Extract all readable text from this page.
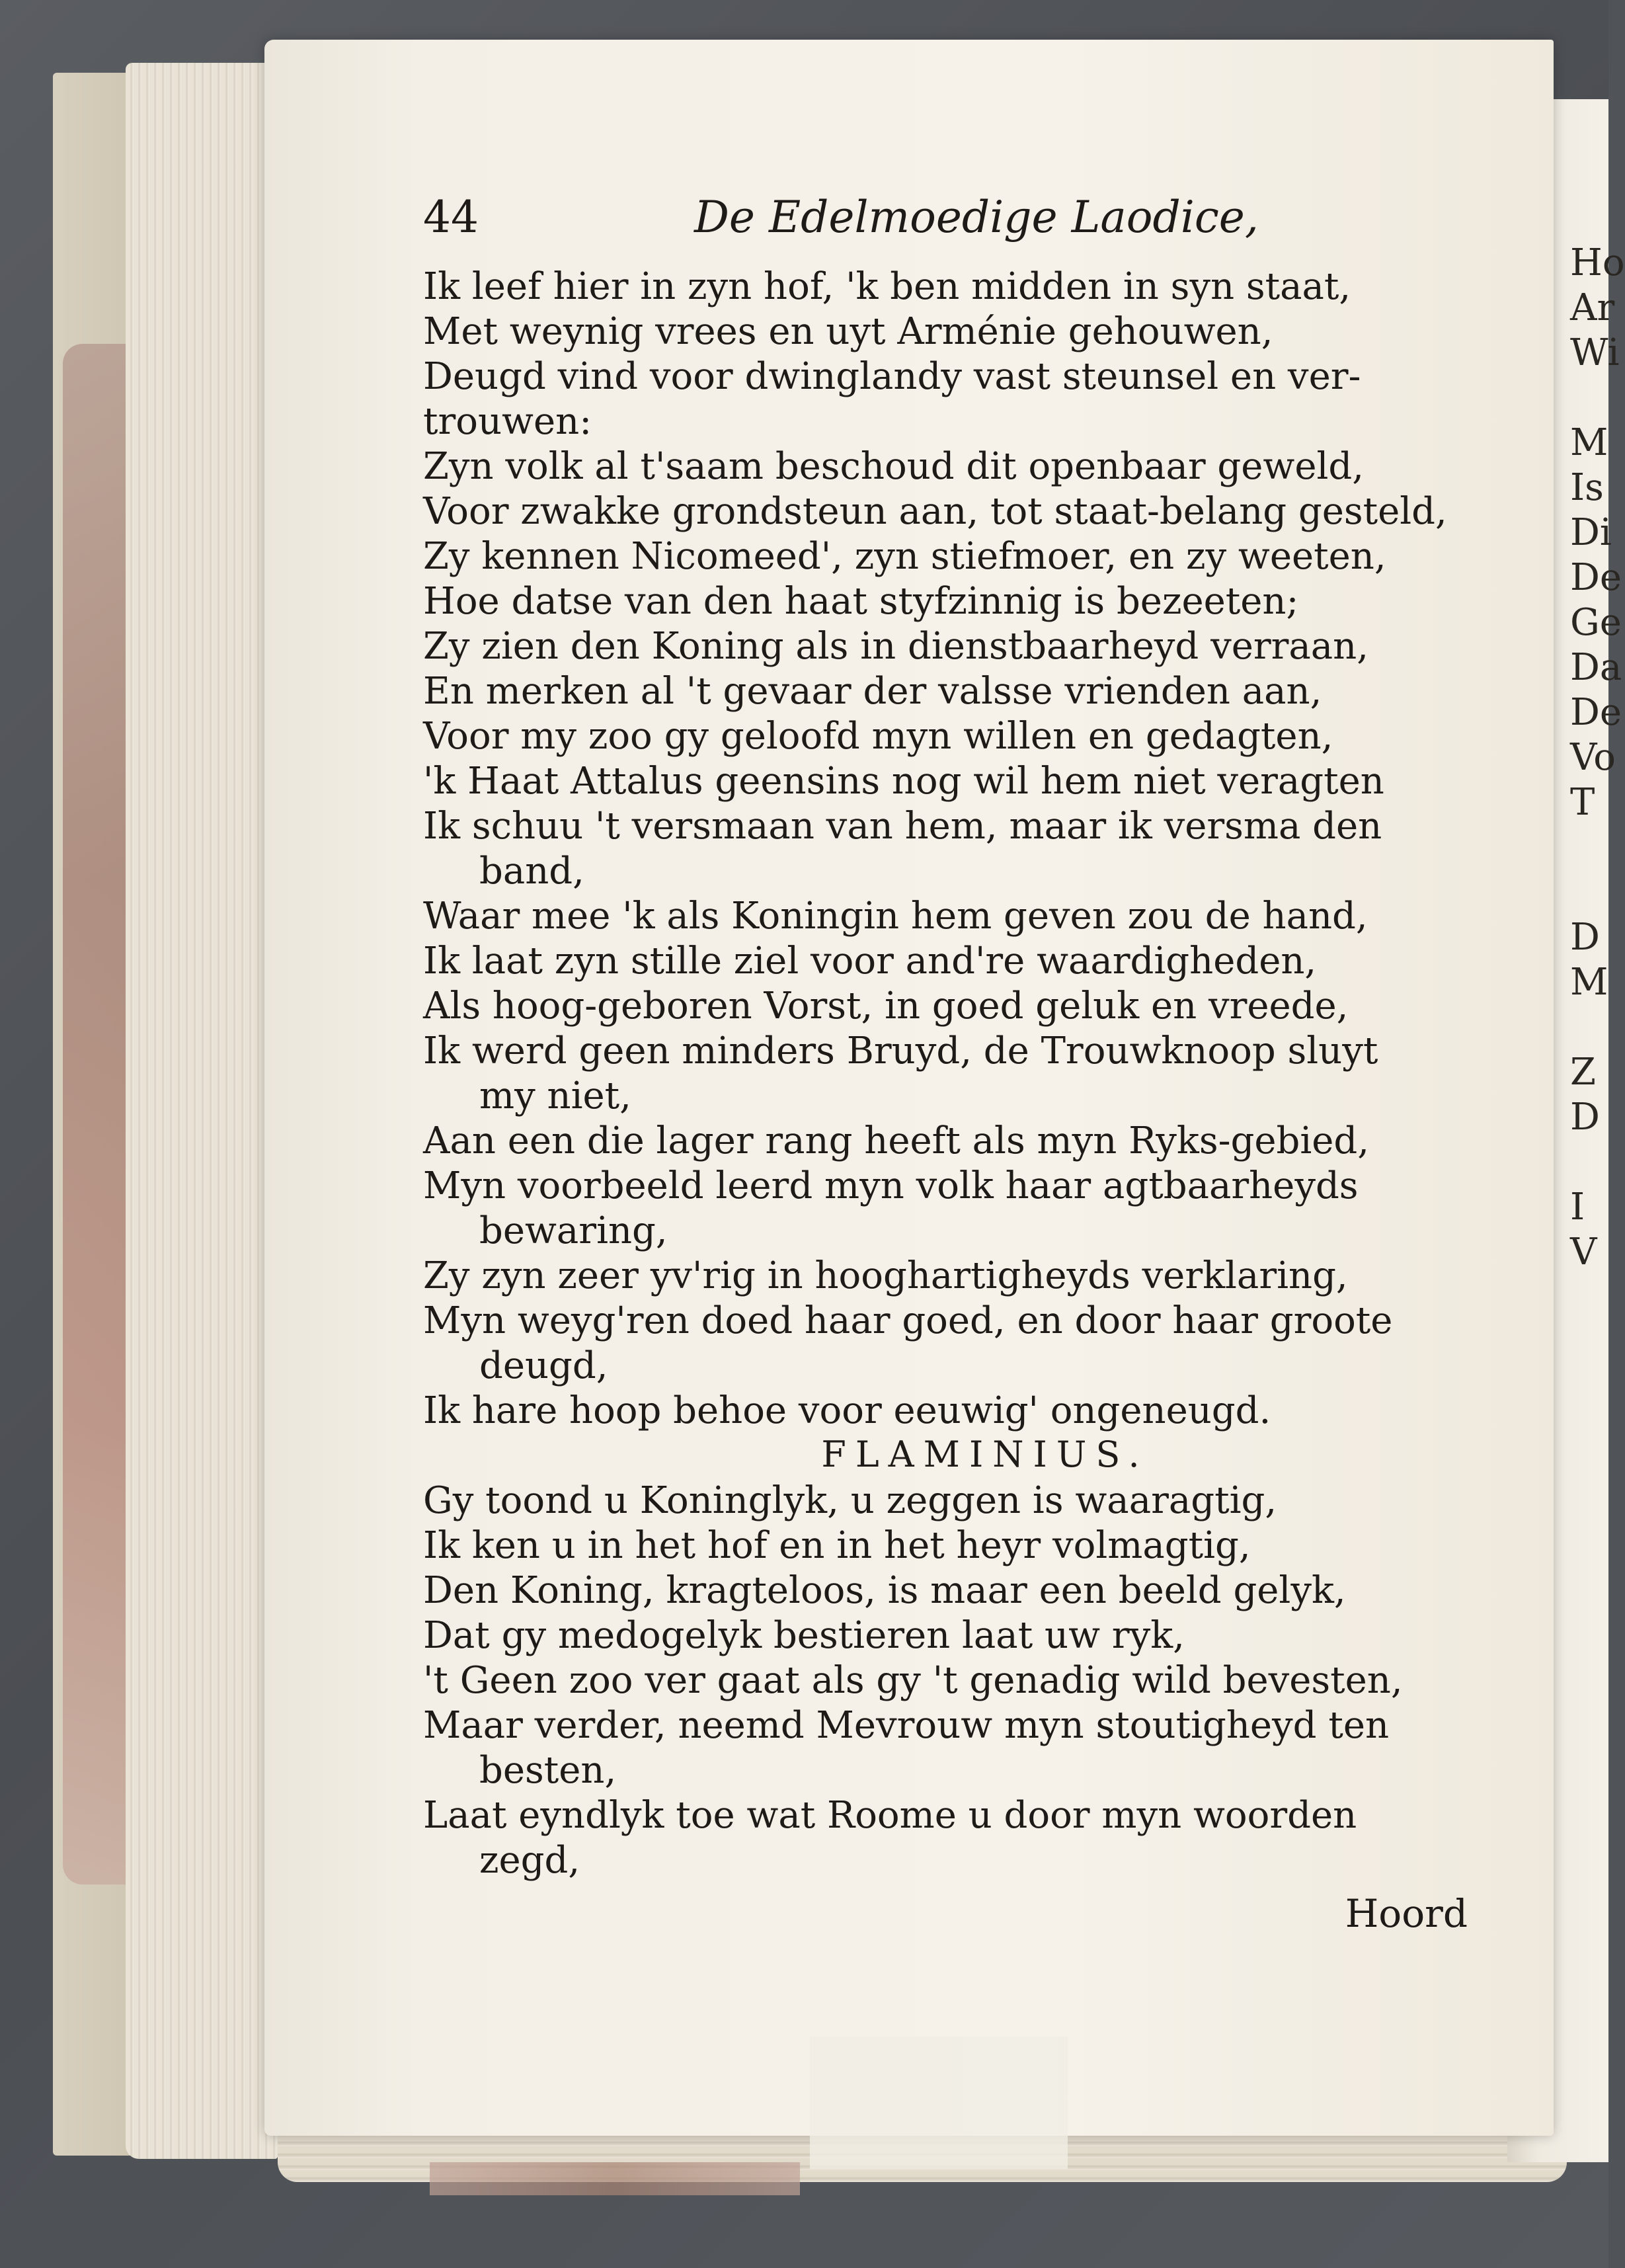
Ho
Ar
Wi
M
Is
Di
De
Ge
Da
De
Vo
T
D
M
Z
D
I
V
44	De Edelmoedige Laodice,
Ik leef hier in zyn hof, 'k ben midden in syn staat,
Met weynig vrees en uyt Arménie gehouwen,
Deugd vind voor dwinglandy vast steunsel en ver-
trouwen:
Zyn volk al t'saam beschoud dit openbaar geweld,
Voor zwakke grondsteun aan, tot staat-belang gesteld,
Zy kennen Nicomeed', zyn stiefmoer, en zy weeten,
Hoe datse van den haat styfzinnig is bezeeten;
Zy zien den Koning als in dienstbaarheyd verraan,
En merken al 't gevaar der valsse vrienden aan,
Voor my zoo gy geloofd myn willen en gedagten,
'k Haat Attalus geensins nog wil hem niet veragten
Ik schuu 't versmaan van hem, maar ik versma den
band,
Waar mee 'k als Koningin hem geven zou de hand,
Ik laat zyn stille ziel voor and're waardigheden,
Als hoog-geboren Vorst, in goed geluk en vreede,
Ik werd geen minders Bruyd, de Trouwknoop sluyt
my niet,
Aan een die lager rang heeft als myn Ryks-gebied,
Myn voorbeeld leerd myn volk haar agtbaarheyds
bewaring,
Zy zyn zeer yv'rig in hooghartigheyds verklaring,
Myn weyg'ren doed haar goed, en door haar groote
deugd,
Ik hare hoop behoe voor eeuwig' ongeneugd.
FLAMINIUS.
Gy toond u Koninglyk, u zeggen is waaragtig,
Ik ken u in het hof en in het heyr volmagtig,
Den Koning, kragteloos, is maar een beeld gelyk,
Dat gy medogelyk bestieren laat uw ryk,
't Geen zoo ver gaat als gy 't genadig wild bevesten,
Maar verder, neemd Mevrouw myn stoutigheyd ten
besten,
Laat eyndlyk toe wat Roome u door myn woorden
zegd,
Hoord
